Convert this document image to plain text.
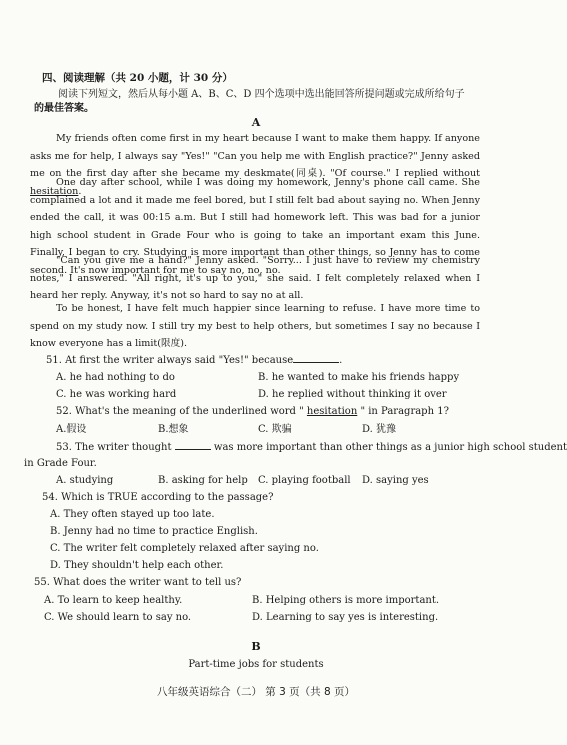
四、阅读理解（共 20 小题，计 30 分）
阅读下列短文，然后从每小题 A、B、C、D 四个选项中选出能回答所提问题或完成所给句子
的最佳答案。
A
My friends often come first in my heart because I want to make them happy. If anyone asks me for help, I always say "Yes!" "Can you help me with English practice?" Jenny asked me on the first day after she became my deskmate(同桌). "Of course." I replied without hesitation.
One day after school, while I was doing my homework, Jenny's phone call came. She complained a lot and it made me feel bored, but I still felt bad about saying no. When Jenny ended the call, it was 00:15 a.m. But I still had homework left. This was bad for a junior high school student in Grade Four who is going to take an important exam this June. Finally, I began to cry. Studying is more important than other things, so Jenny has to come second. It's now important for me to say no, no, no.
"Can you give me a hand?" Jenny asked. "Sorry... I just have to review my chemistry notes," I answered. "All right, it's up to you," she said. I felt completely relaxed when I heard her reply. Anyway, it's not so hard to say no at all.
To be honest, I have felt much happier since learning to refuse. I have more time to spend on my study now. I still try my best to help others, but sometimes I say no because I know everyone has a limit(限度).
51. At first the writer always said "Yes!" because	.
A. he had nothing to do	B. he wanted to make his friends happy
C. he was working hard	D. he replied without thinking it over
52. What's the meaning of the underlined word " hesitation " in Paragraph 1?
A.假设	B.想象	C. 欺骗	D. 犹豫
53. The writer thought	was more important than other things as a junior high school student
in Grade Four.
A. studying	B. asking for help C. playing football D. saying yes
54. Which is TRUE according to the passage?
A. They often stayed up too late.
B. Jenny had no time to practice English.
C. The writer felt completely relaxed after saying no.
D. They shouldn't help each other.
55. What does the writer want to tell us?
A. To learn to keep healthy.	B. Helping others is more important.
C. We should learn to say no.	D. Learning to say yes is interesting.
B
Part-time jobs for students
八年级英语综合（二） 第 3 页（共 8 页）
